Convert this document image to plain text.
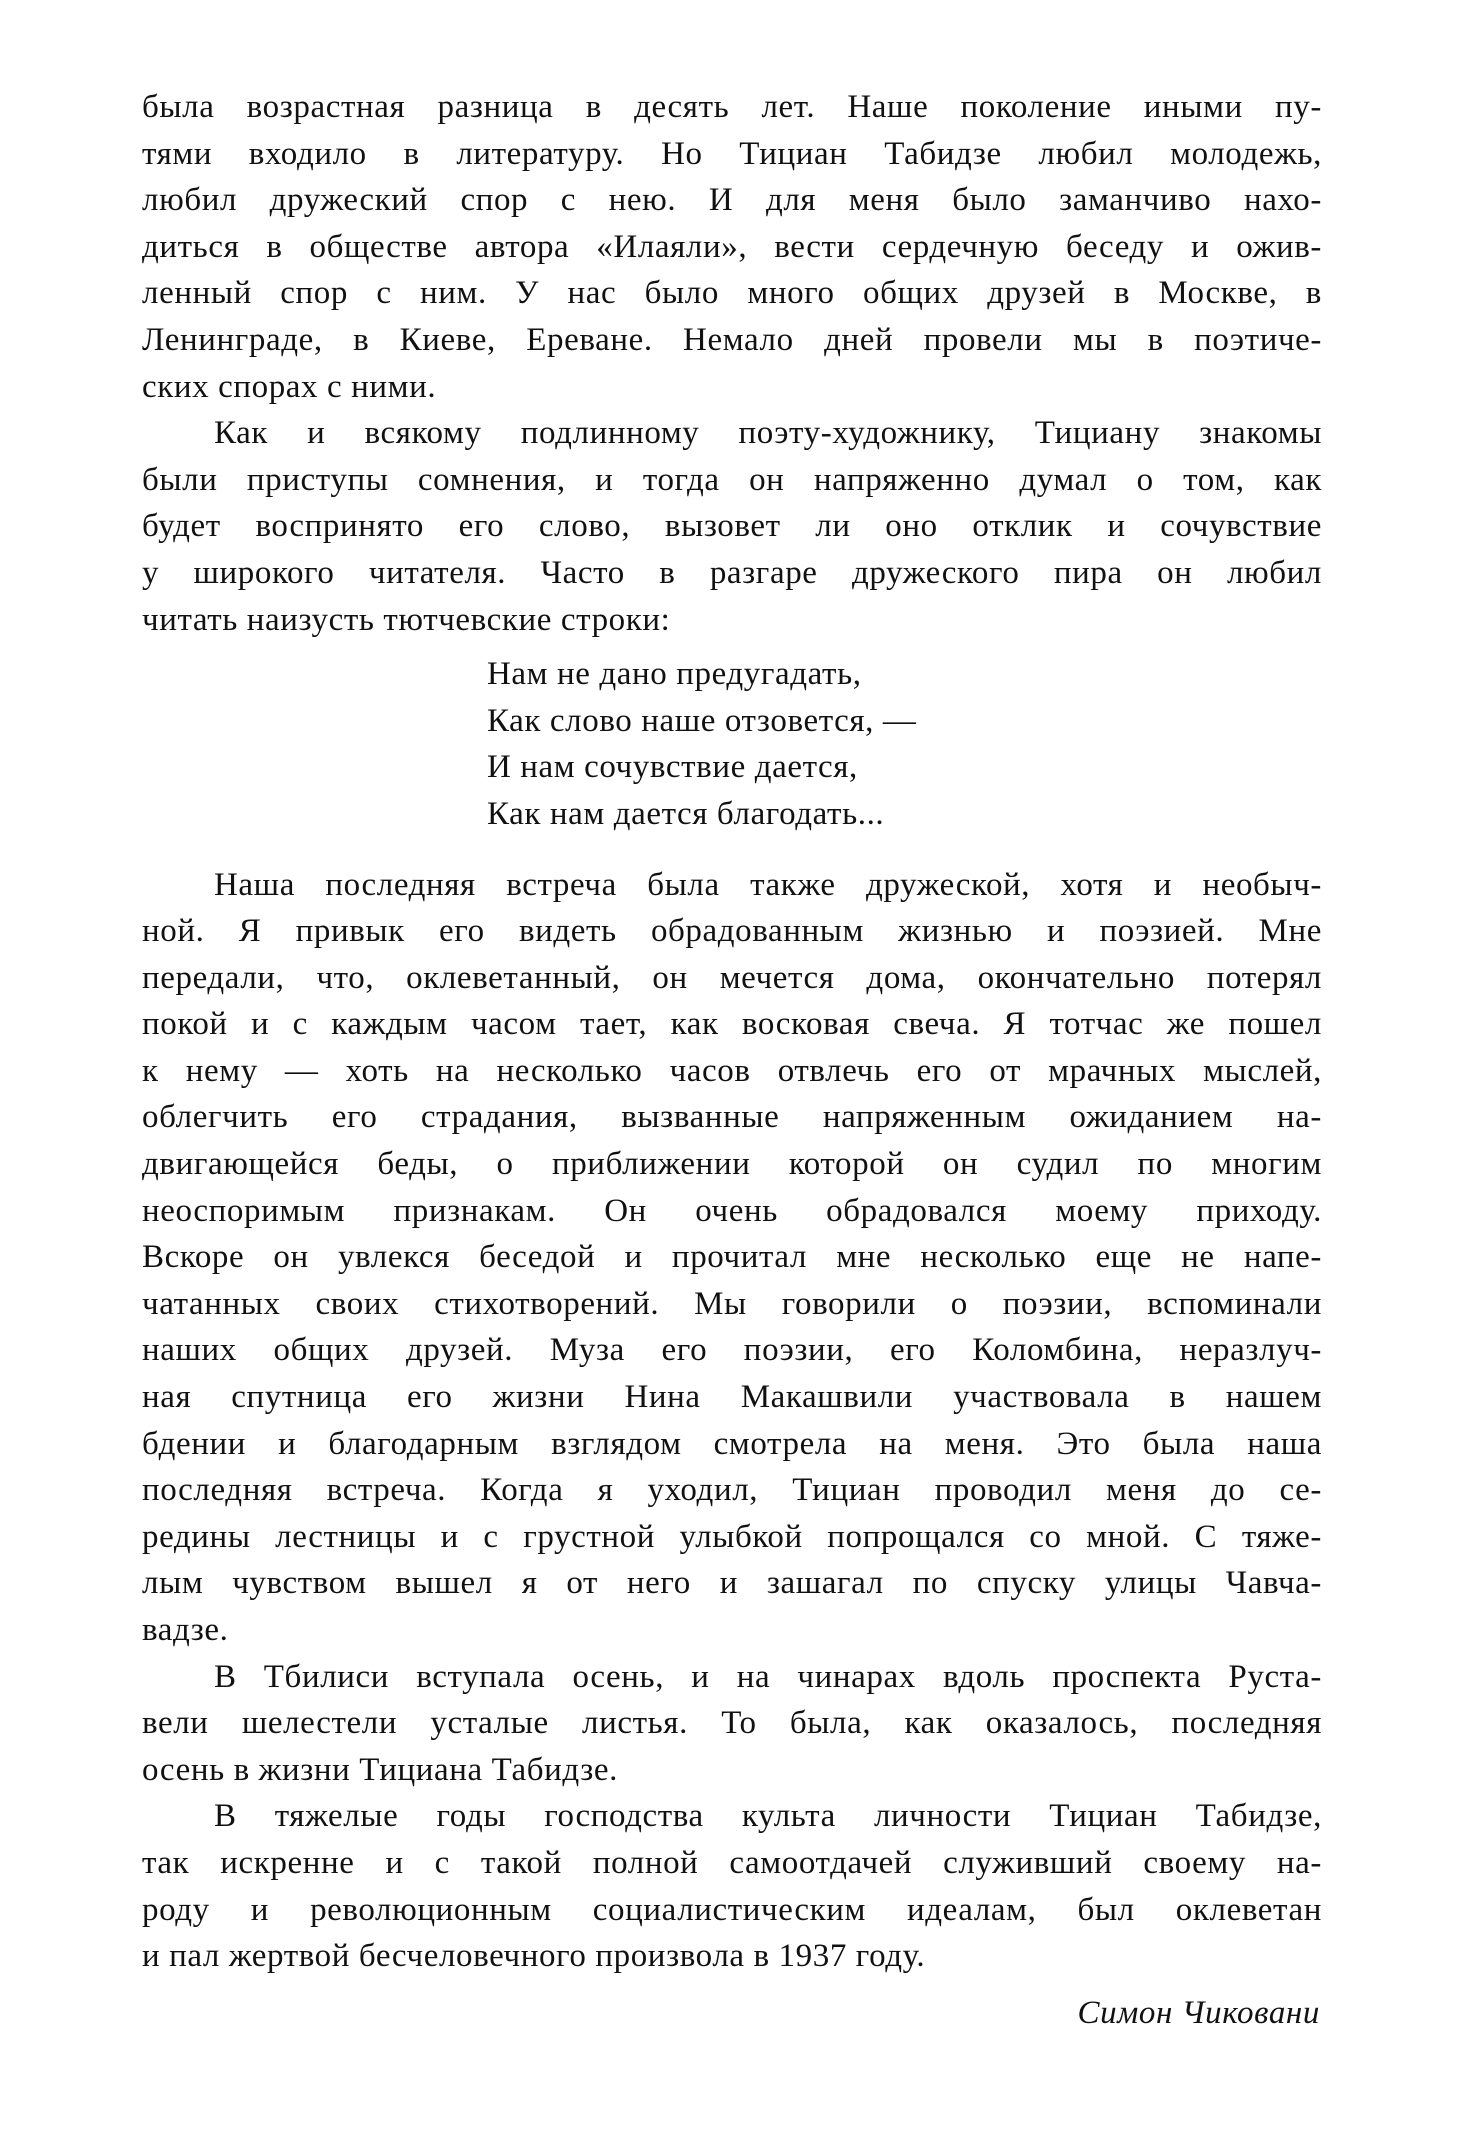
была возрастная разница в десять лет. Наше поколение иными пу-
тями входило в литературу. Но Тициан Табидзе любил молодежь,
любил дружеский спор с нею. И для меня было заманчиво нахо-
диться в обществе автора «Илаяли», вести сердечную беседу и ожив-
ленный спор с ним. У нас было много общих друзей в Москве, в
Ленинграде, в Киеве, Ереване. Немало дней провели мы в поэтиче-
ских спорах с ними.

Как и всякому подлинному поэту-художнику, Тициану знакомы
были приступы сомнения, и тогда он напряженно думал о том, как
будет воспринято его слово, вызовет ли оно отклик и сочувствие
у широкого читателя. Часто в разгаре дружеского пира он любил
читать наизусть тютчевские строки:

Нам не дано предугадать,
Как слово наше отзовется, —
И нам сочувствие дается,
Как нам дается благодать...

Наша последняя встреча была также дружеской, хотя и необыч-
ной. Я привык его видеть обрадованным жизнью и поэзией. Мне
передали, что, оклеветанный, он мечется дома, окончательно потерял
покой и с каждым часом тает, как восковая свеча. Я тотчас же пошел
к нему — хоть на несколько часов отвлечь его от мрачных мыслей,
облегчить его страдания, вызванные напряженным ожиданием на-
двигающейся беды, о приближении которой он судил по многим
неоспоримым признакам. Он очень обрадовался моему приходу.
Вскоре он увлекся беседой и прочитал мне несколько еще не напе-
чатанных своих стихотворений. Мы говорили о поэзии, вспоминали
наших общих друзей. Муза его поэзии, его Коломбина, неразлуч-
ная спутница его жизни Нина Макашвили участвовала в нашем
бдении и благодарным взглядом смотрела на меня. Это была наша
последняя встреча. Когда я уходил, Тициан проводил меня до се-
редины лестницы и с грустной улыбкой попрощался со мной. С тяже-
лым чувством вышел я от него и зашагал по спуску улицы Чавча-
вадзе.

В Тбилиси вступала осень, и на чинарах вдоль проспекта Руста-
вели шелестели усталые листья. То была, как оказалось, последняя
осень в жизни Тициана Табидзе.

В тяжелые годы господства культа личности Тициан Табидзе,
так искренне и с такой полной самоотдачей служивший своему на-
роду и революционным социалистическим идеалам, был оклеветан
и пал жертвой бесчеловечного произвола в 1937 году.

Симон Чиковани
